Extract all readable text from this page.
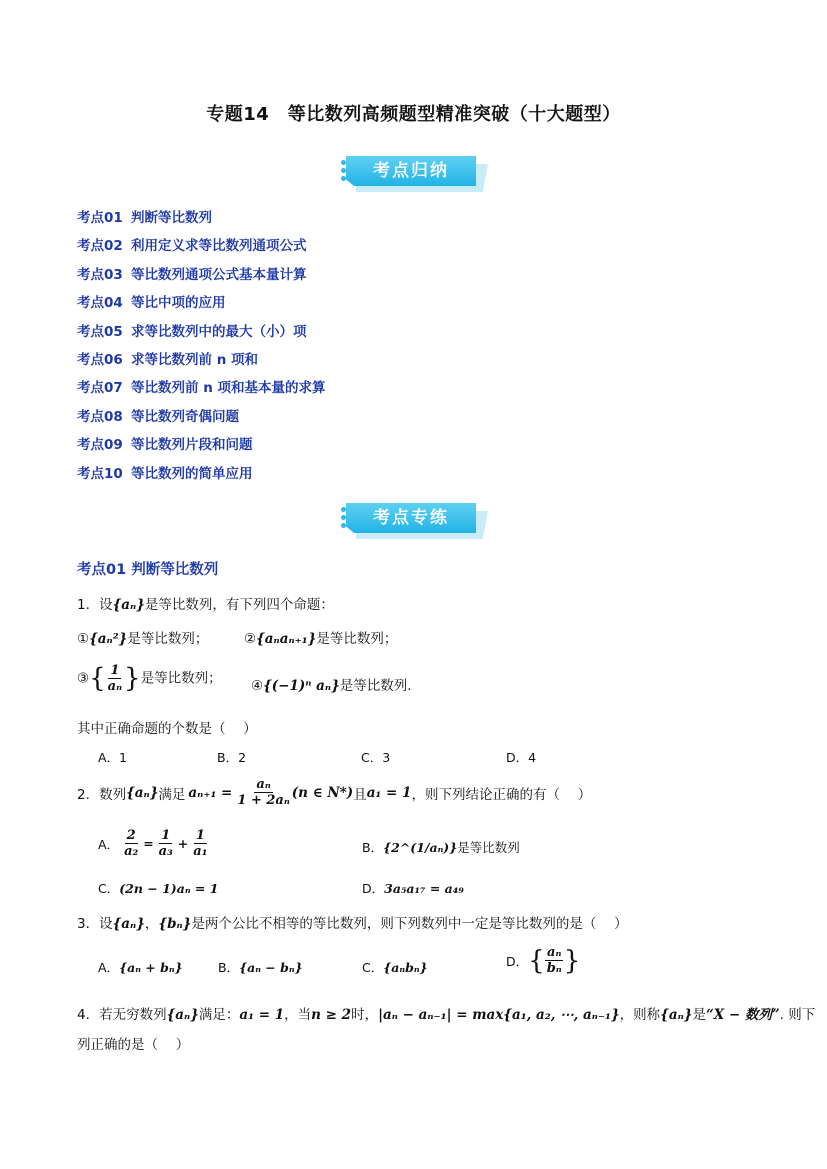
专题14　等比数列高频题型精准突破（十大题型）
考点归纳
考点01 判断等比数列
考点02 利用定义求等比数列通项公式
考点03 等比数列通项公式基本量计算
考点04 等比中项的应用
考点05 求等比数列中的最大（小）项
考点06 求等比数列前 n 项和
考点07 等比数列前 n 项和基本量的求算
考点08 等比数列奇偶问题
考点09 等比数列片段和问题
考点10 等比数列的简单应用
考点专练
考点01 判断等比数列
1．设{aₙ}是等比数列，有下列四个命题：
①{aₙ²}是等比数列；	②{aₙaₙ₊₁}是等比数列；
③{ $\frac{1}{\text{aₙ}}$ }是等比数列； ④{(−1)ⁿ aₙ}是等比数列.
其中正确命题的个数是（　 ）
A．1	B．2	C．3	D．4
2．数列 {aₙ} 满足 $a_{n+1} = \frac{\text{aₙ}}{\text{1 + 2aₙ}} (n$ ∈ N*) 且 a₁ = 1 ，则下列结论正确的有（　 ）
A． $\frac{2}{\text{a₂}} = \frac{1}{\text{a₃}} + \frac{1}{\text{a₁}}$	B．{2^(1/aₙ)}是等比数列
C．(2n − 1)aₙ = 1	D．3a₅a₁₇ = a₄₉
3．设{aₙ}，{bₙ}是两个公比不相等的等比数列，则下列数列中一定是等比数列的是（　 ）
A．{aₙ + bₙ}	B．{aₙ − bₙ}	C．{aₙbₙ}	D． { $\frac{\text{aₙ}}{\text{bₙ}}$ }
4．若无穷数列{aₙ}满足：a₁ = 1，当n ≥ 2时，|aₙ − aₙ₋₁| = max{a₁, a₂, ⋯, aₙ₋₁}，则称{aₙ}是“X − 数列”. 则下
列正确的是（　 ）
